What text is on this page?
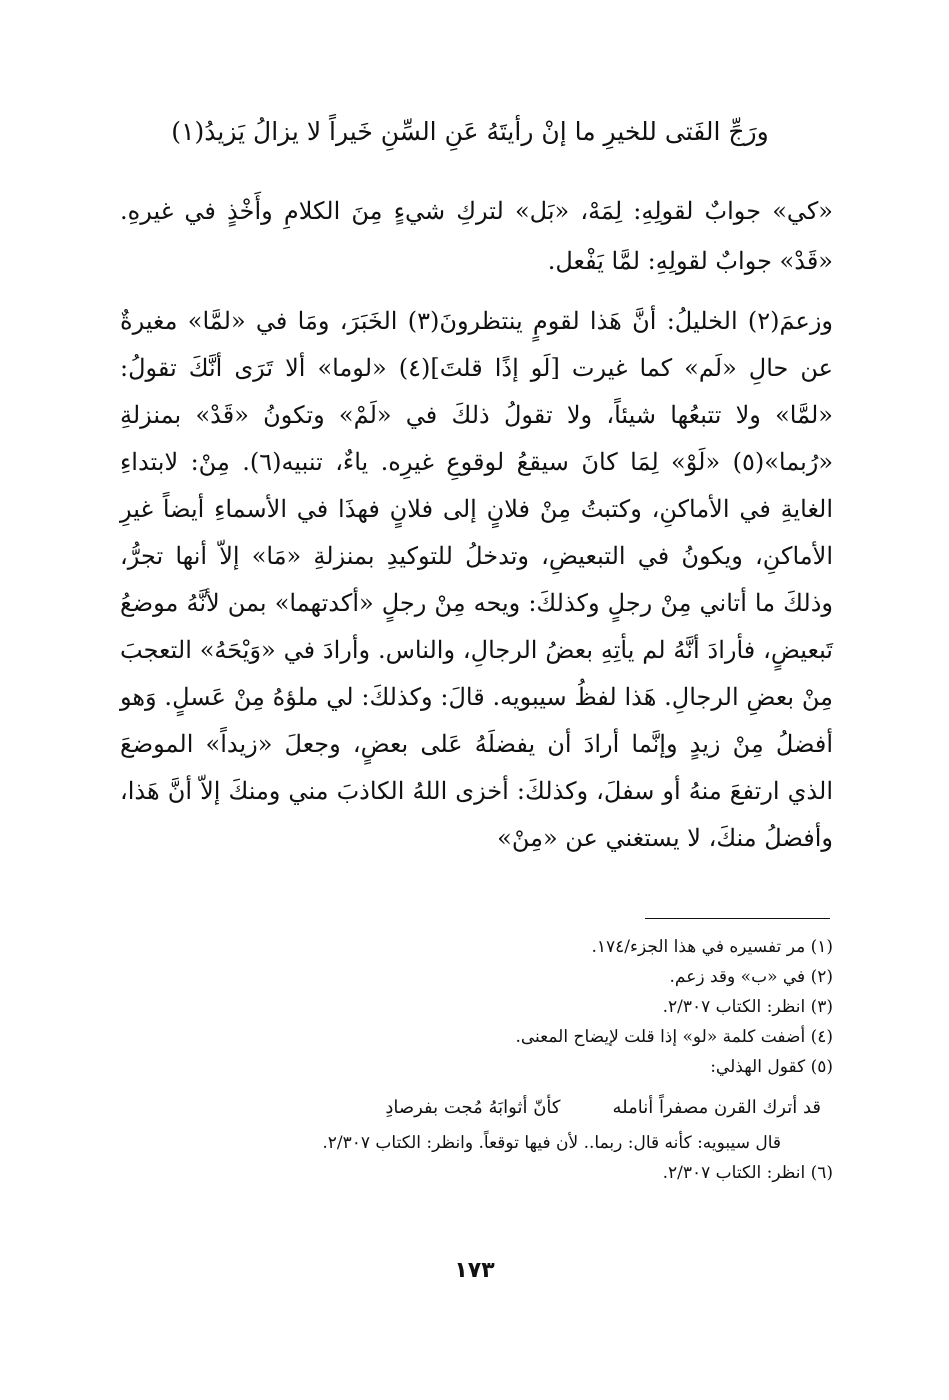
ورَجِّ الفَتى للخيرِ ما إنْ رأيتَهُ عَنِ السِّنِ خَيراً لا يزالُ يَزيدُ(١)
«كي» جوابٌ لقولِهِ: لِمَهْ، «بَل» لتركِ شيءٍ مِنَ الكلامِ وأَخْذٍ في غيرهِ. «قَدْ» جوابٌ لقولِهِ: لمَّا يَفْعل.
وزعمَ(٢) الخليلُ: أنَّ هَذا لقومٍ ينتظرونَ(٣) الخَبَرَ، ومَا في «لمَّا» مغيرةٌ عن حالِ «لَم» كما غيرت [لَو إذًا قلتَ](٤) «لوما» ألا تَرَى أنَّكَ تقولُ: «لمَّا» ولا تتبعُها شيئاً، ولا تقولُ ذلكَ في «لَمْ» وتكونُ «قَدْ» بمنزلةِ «رُبما»(٥) «لَوْ» لِمَا كانَ سيقعُ لوقوعِ غيرِه. ياءٌ، تنبيه(٦). مِنْ: لابتداءِ الغايةِ في الأماكنِ، وكتبتُ مِنْ فلانٍ إلى فلانٍ فهذَا في الأسماءِ أيضاً غيرِ الأماكنِ، ويكونُ في التبعيضِ، وتدخلُ للتوكيدِ بمنزلةِ «مَا» إلاّ أنها تجرُّ، وذلكَ ما أتاني مِنْ رجلٍ وكذلكَ: ويحه مِنْ رجلٍ «أكدتهما» بمن لأنَّهُ موضعُ تَبعيضٍ، فأرادَ أنَّهُ لم يأتِهِ بعضُ الرجالِ، والناس. وأرادَ في «وَيْحَهُ» التعجبَ مِنْ بعضِ الرجالِ. هَذا لفظُ سيبويه. قالَ: وكذلكَ: لي ملؤهُ مِنْ عَسلٍ. وَهو أفضلُ مِنْ زيدٍ وإنَّما أرادَ أن يفضلَهُ عَلى بعضٍ، وجعلَ «زيداً» الموضعَ الذي ارتفعَ منهُ أو سفلَ، وكذلكَ: أخزى اللهُ الكاذبَ مني ومنكَ إلاّ أنَّ هَذا، وأفضلُ منكَ، لا يستغني عن «مِنْ»
(١) مر تفسيره في هذا الجزء/١٧٤.
(٢) في «ب» وقد زعم.
(٣) انظر: الكتاب ٢/٣٠٧.
(٤) أضفت كلمة «لو» إذا قلت لإيضاح المعنى.
(٥) كقول الهذلي:
قد أترك القرن مصفراً أنامله
كأنّ أثوابَهُ مُجت بفرصادِ
قال سيبويه: كأنه قال: ربما.. لأن فيها توقعاً. وانظر: الكتاب ٢/٣٠٧.
(٦) انظر: الكتاب ٢/٣٠٧.
١٧٣
